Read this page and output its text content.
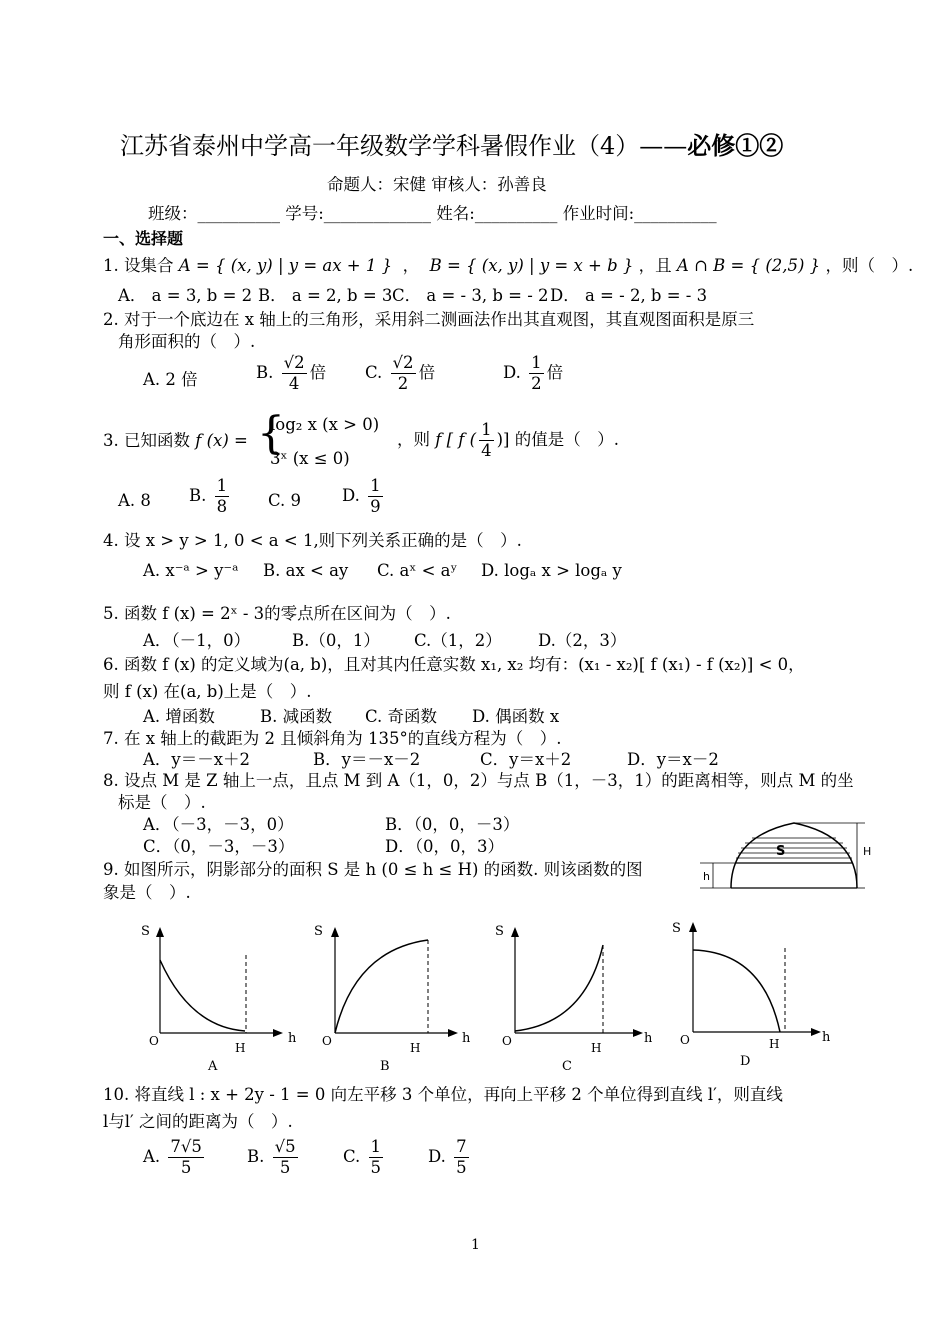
江苏省泰州中学高一年级数学学科暑假作业（4）——必修①②
命题人：宋健 审核人：孙善良
班级：__________ 学号:_____________ 姓名:__________ 作业时间:__________
一、选择题
1. 设集合 A = { (x, y) | y = ax + 1 }  ，  B = { (x, y) | y = x + b } ，且 A ∩ B = { (2,5) } ，则（　）.
A． a = 3, b = 2 B． a = 2, b = 3 C． a = - 3, b = - 2 D． a = - 2, b = - 3
2. 对于一个底边在 x 轴上的三角形，采用斜二测画法作出其直观图，其直观图面积是原三
角形面积的（　）.
A. 2 倍	B. $\frac{√2}{4}$ 倍 C. $\frac{√2}{2}$ 倍	D. $\frac{1}{2}$ 倍
3. 已知函数 f (x) = {
log₂ x (x > 0)
3ˣ (x ≤ 0)
，则 f [ f ( $\frac{1}{4}$ )] 的值是（　）.
A. 8 B. $\frac{1}{8} C$. 9 D. $\frac{1}{9}$
4. 设 x > y > 1, 0 < a < 1,则下列关系正确的是（　）.
A. x⁻ᵃ > y⁻ᵃ B. ax < ay C. aˣ < aʸ D. logₐ x > logₐ y
5. 函数 f (x) = 2ˣ - 3的零点所在区间为（　）.
A．（－1，0）	B.（0，1） C.（1，2） D.（2，3）
6. 函数 f (x) 的定义域为(a, b)，且对其内任意实数 x₁, x₂ 均有：(x₁ - x₂)[ f (x₁) - f (x₂)] < 0，
则 f (x) 在(a, b)上是（　）.
A. 增函数	B. 减函数 C. 奇函数 D. 偶函数 x
7. 在 x 轴上的截距为 2 且倾斜角为 135°的直线方程为（　）.
A．y＝－x＋2	B．y＝－x－2	C．y＝x＋2	D．y＝x－2
8. 设点 M 是 Z 轴上一点，且点 M 到 A（1，0，2）与点 B（1，－3，1）的距离相等，则点 M 的坐
标是（　）.
A．（－3，－3，0）	B．（0，0，－3）
C．（0，－3，－3）	D．（0，0，3）
9. 如图所示，阴影部分的面积 S 是 h (0 ≤ h ≤ H) 的函数. 则该函数的图
象是（　）.
S
h
H
S
O	H
h
A
S
O	H
h
B
S
O	H
h
C
S
O	H	h
D
10. 将直线 l : x + 2y - 1 = 0 向左平移 3 个单位，再向上平移 2 个单位得到直线 l′，则直线
l与l′ 之间的距离为（　）.
A. $\frac{7√5}{5}$	B. $\frac{√5}{5}$	C. $\frac{1}{5}$	D. $\frac{7}{5}$
1
